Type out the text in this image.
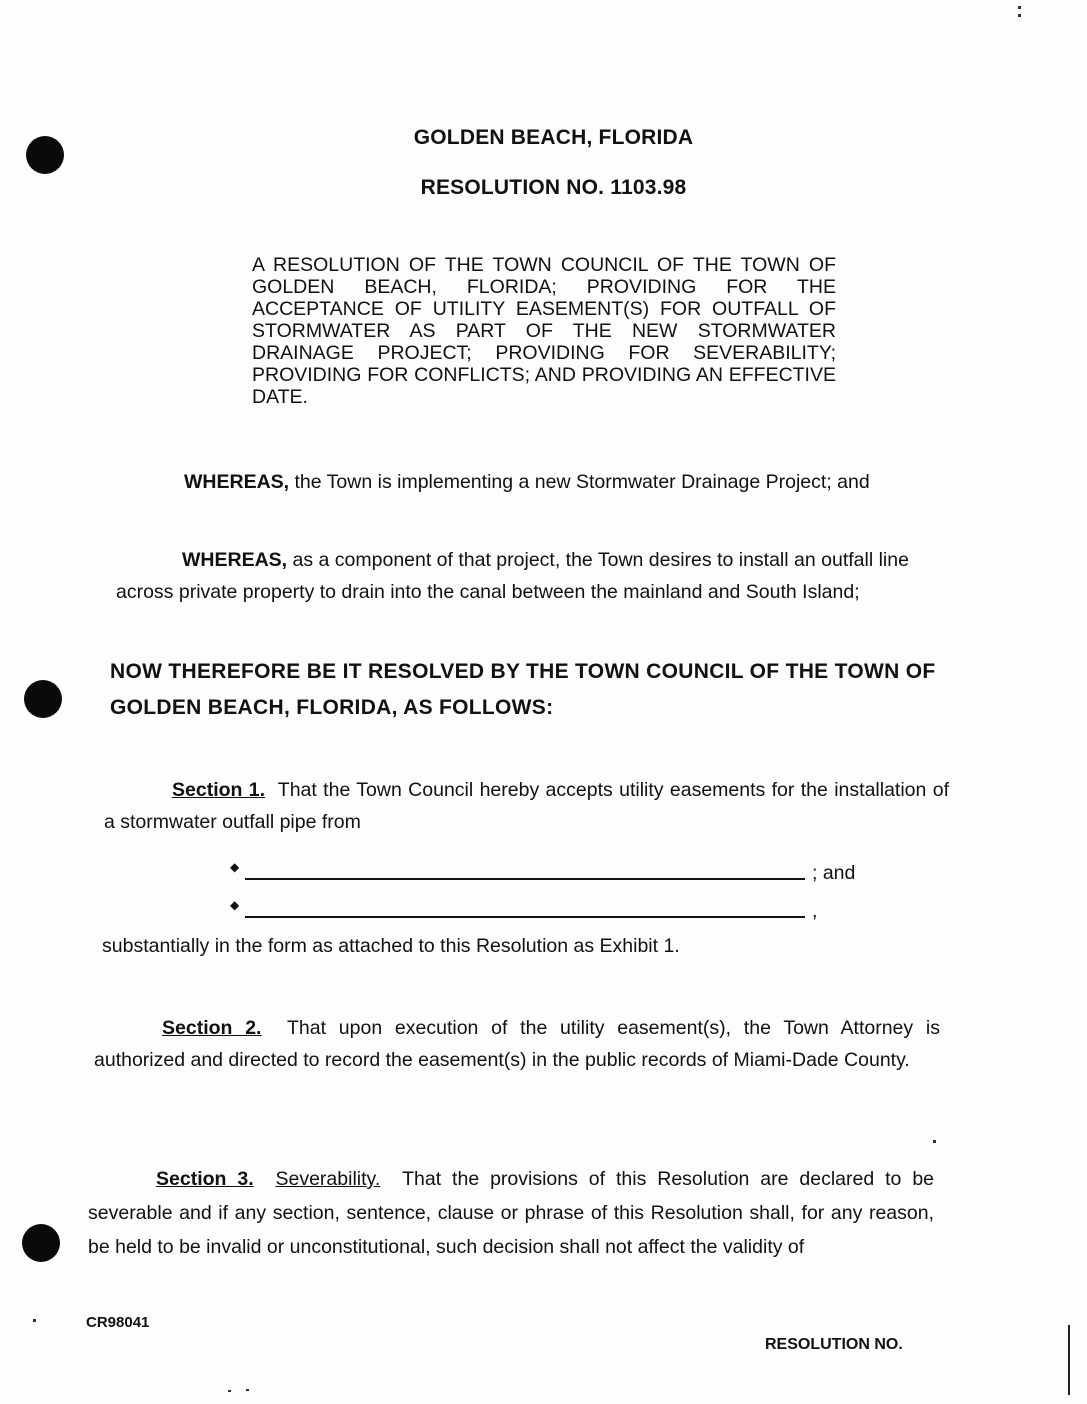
GOLDEN BEACH, FLORIDA
RESOLUTION NO. 1103.98
A RESOLUTION OF THE TOWN COUNCIL OF THE TOWN OF GOLDEN BEACH, FLORIDA; PROVIDING FOR THE ACCEPTANCE OF UTILITY EASEMENT(S) FOR OUTFALL OF STORMWATER AS PART OF THE NEW STORMWATER DRAINAGE PROJECT; PROVIDING FOR SEVERABILITY; PROVIDING FOR CONFLICTS; AND PROVIDING AN EFFECTIVE DATE.
WHEREAS, the Town is implementing a new Stormwater Drainage Project; and
WHEREAS, as a component of that project, the Town desires to install an outfall line across private property to drain into the canal between the mainland and South Island;
NOW THEREFORE BE IT RESOLVED BY THE TOWN COUNCIL OF THE TOWN OF GOLDEN BEACH, FLORIDA, AS FOLLOWS:
Section 1. That the Town Council hereby accepts utility easements for the installation of a stormwater outfall pipe from
◆	; and
◆	,
substantially in the form as attached to this Resolution as Exhibit 1.
Section 2. That upon execution of the utility easement(s), the Town Attorney is authorized and directed to record the easement(s) in the public records of Miami-Dade County.
Section 3. Severability. That the provisions of this Resolution are declared to be severable and if any section, sentence, clause or phrase of this Resolution shall, for any reason, be held to be invalid or unconstitutional, such decision shall not affect the validity of
CR98041
RESOLUTION NO.
